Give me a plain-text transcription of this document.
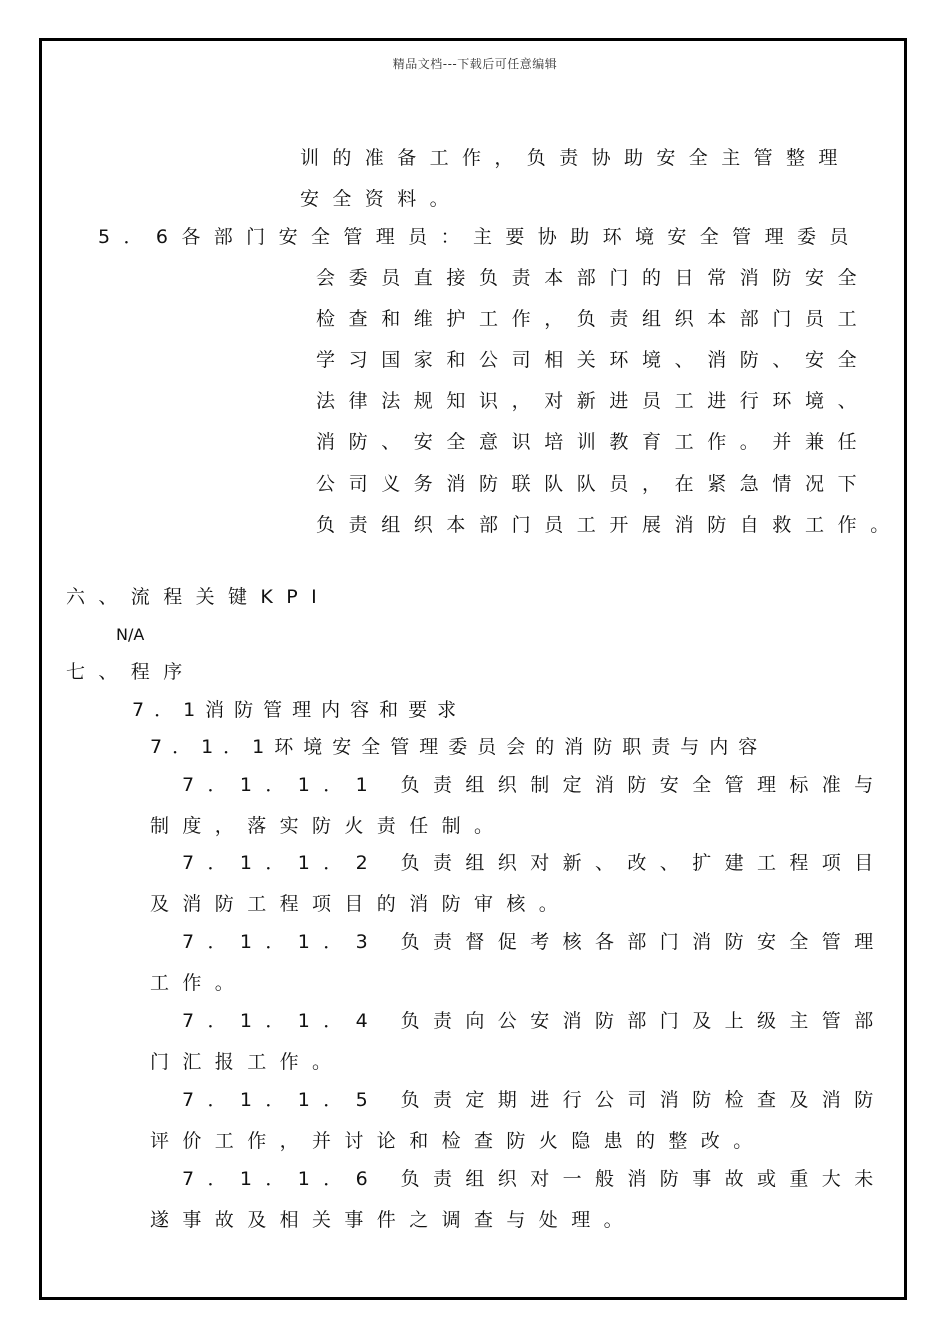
精品文档---下载后可任意编辑
训的准备工作，负责协助安全主管整理
安全资料。
5．6各部门安全管理员：主要协助环境安全管理委员
会委员直接负责本部门的日常消防安全
检查和维护工作，负责组织本部门员工
学习国家和公司相关环境、消防、安全
法律法规知识，对新进员工进行环境、
消防、安全意识培训教育工作。并兼任
公司义务消防联队队员，在紧急情况下
负责组织本部门员工开展消防自救工作。
六、流程关键KPI
N/A
七、程序
7．1消防管理内容和要求
7．1．1环境安全管理委员会的消防职责与内容
7．1．1．1 负责组织制定消防安全管理标准与
制度，落实防火责任制。
7．1．1．2 负责组织对新、改、扩建工程项目
及消防工程项目的消防审核。
7．1．1．3 负责督促考核各部门消防安全管理
工作。
7．1．1．4 负责向公安消防部门及上级主管部
门汇报工作。
7．1．1．5 负责定期进行公司消防检查及消防
评价工作，并讨论和检查防火隐患的整改。
7．1．1．6 负责组织对一般消防事故或重大未
遂事故及相关事件之调查与处理。
